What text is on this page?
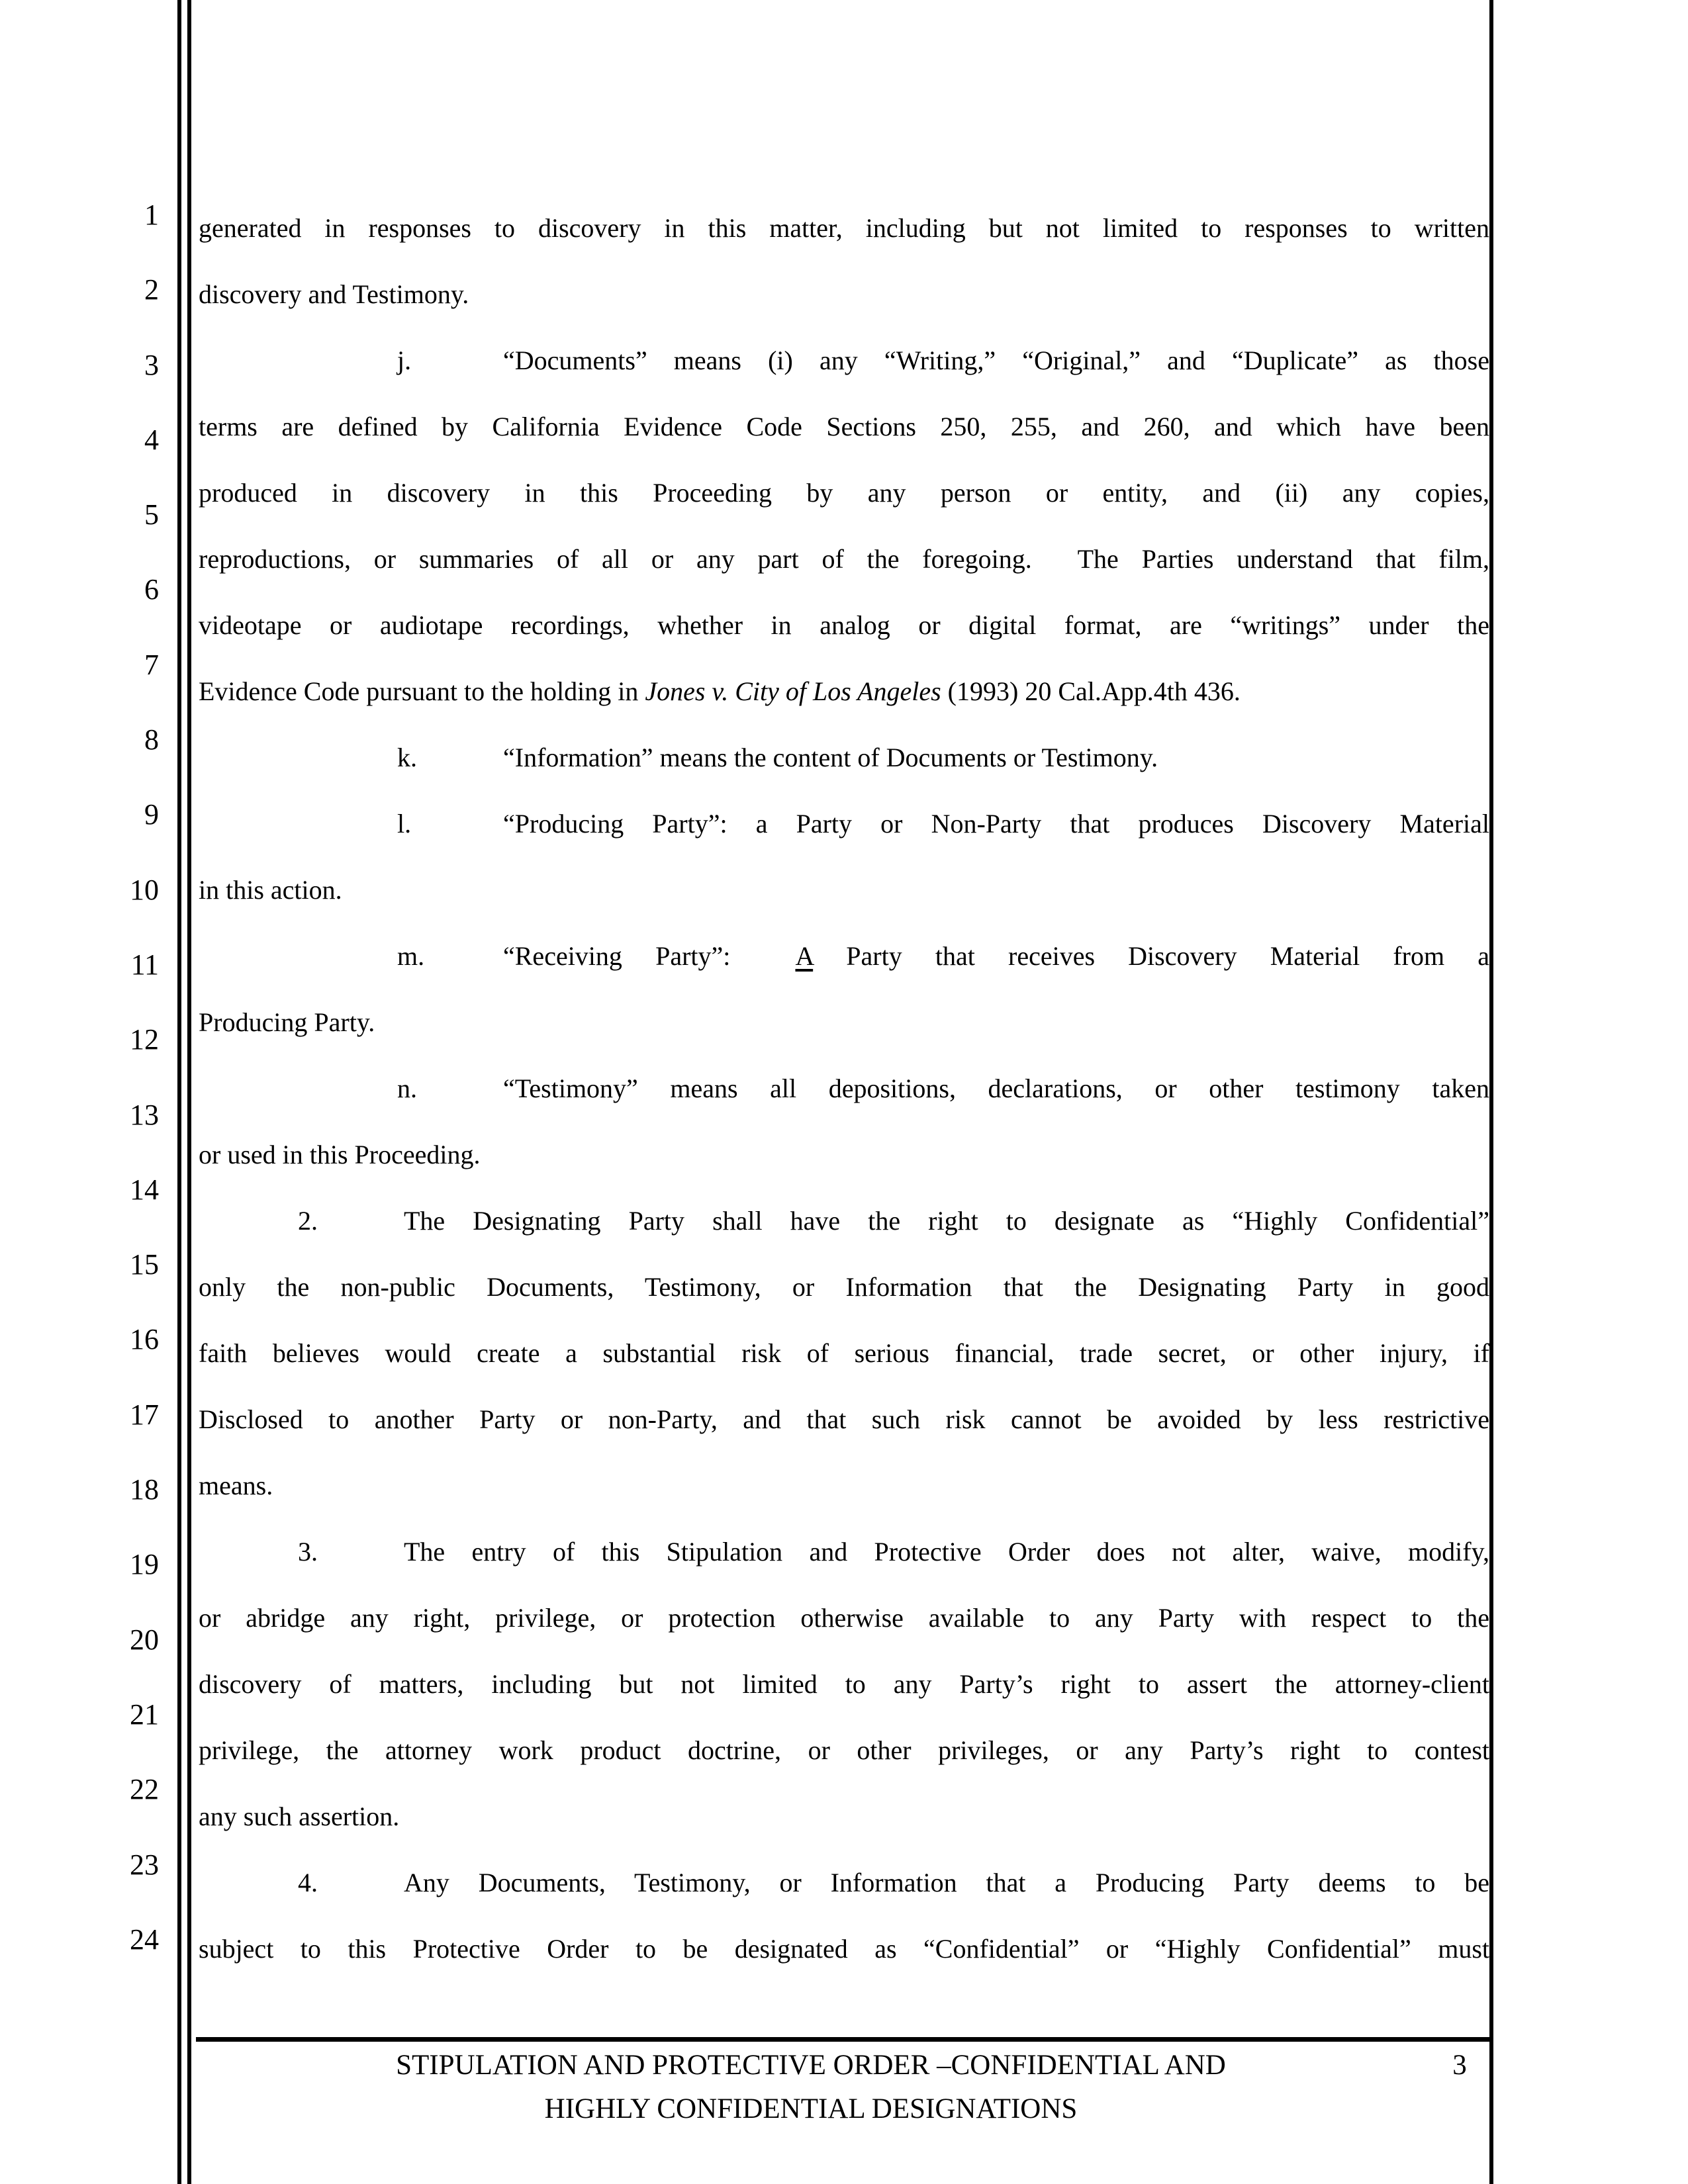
1
2
3
4
5
6
7
8
9
10
11
12
13
14
15
16
17
18
19
20
21
22
23
24
generated in responses to discovery in this matter, including but not limited to responses to written
discovery and Testimony.
j.	“Documents” means (i) any “Writing,” “Original,” and “Duplicate” as those
terms are defined by California Evidence Code Sections 250, 255, and 260, and which have been
produced in discovery in this Proceeding by any person or entity, and (ii) any copies,
reproductions, or summaries of all or any part of the foregoing.  The Parties understand that film,
videotape or audiotape recordings, whether in analog or digital format, are “writings” under the
Evidence Code pursuant to the holding in Jones v. City of Los Angeles (1993) 20 Cal.App.4th 436.
k.	“Information” means the content of Documents or Testimony.
l.	“Producing Party”: a Party or Non-Party that produces Discovery Material
in this action.
m.	“Receiving Party”:  A Party that receives Discovery Material from a
Producing Party.
n.	“Testimony” means all depositions, declarations, or other testimony taken
or used in this Proceeding.
2.	The Designating Party shall have the right to designate as “Highly Confidential”
only the non-public Documents, Testimony, or Information that the Designating Party in good
faith believes would create a substantial risk of serious financial, trade secret, or other injury, if
Disclosed to another Party or non-Party, and that such risk cannot be avoided by less restrictive
means.
3.	The entry of this Stipulation and Protective Order does not alter, waive, modify,
or abridge any right, privilege, or protection otherwise available to any Party with respect to the
discovery of matters, including but not limited to any Party’s right to assert the attorney-client
privilege, the attorney work product doctrine, or other privileges, or any Party’s right to contest
any such assertion.
4.	Any Documents, Testimony, or Information that a Producing Party deems to be
subject to this Protective Order to be designated as “Confidential” or “Highly Confidential” must
STIPULATION AND PROTECTIVE ORDER –CONFIDENTIAL AND
HIGHLY CONFIDENTIAL DESIGNATIONS
3
